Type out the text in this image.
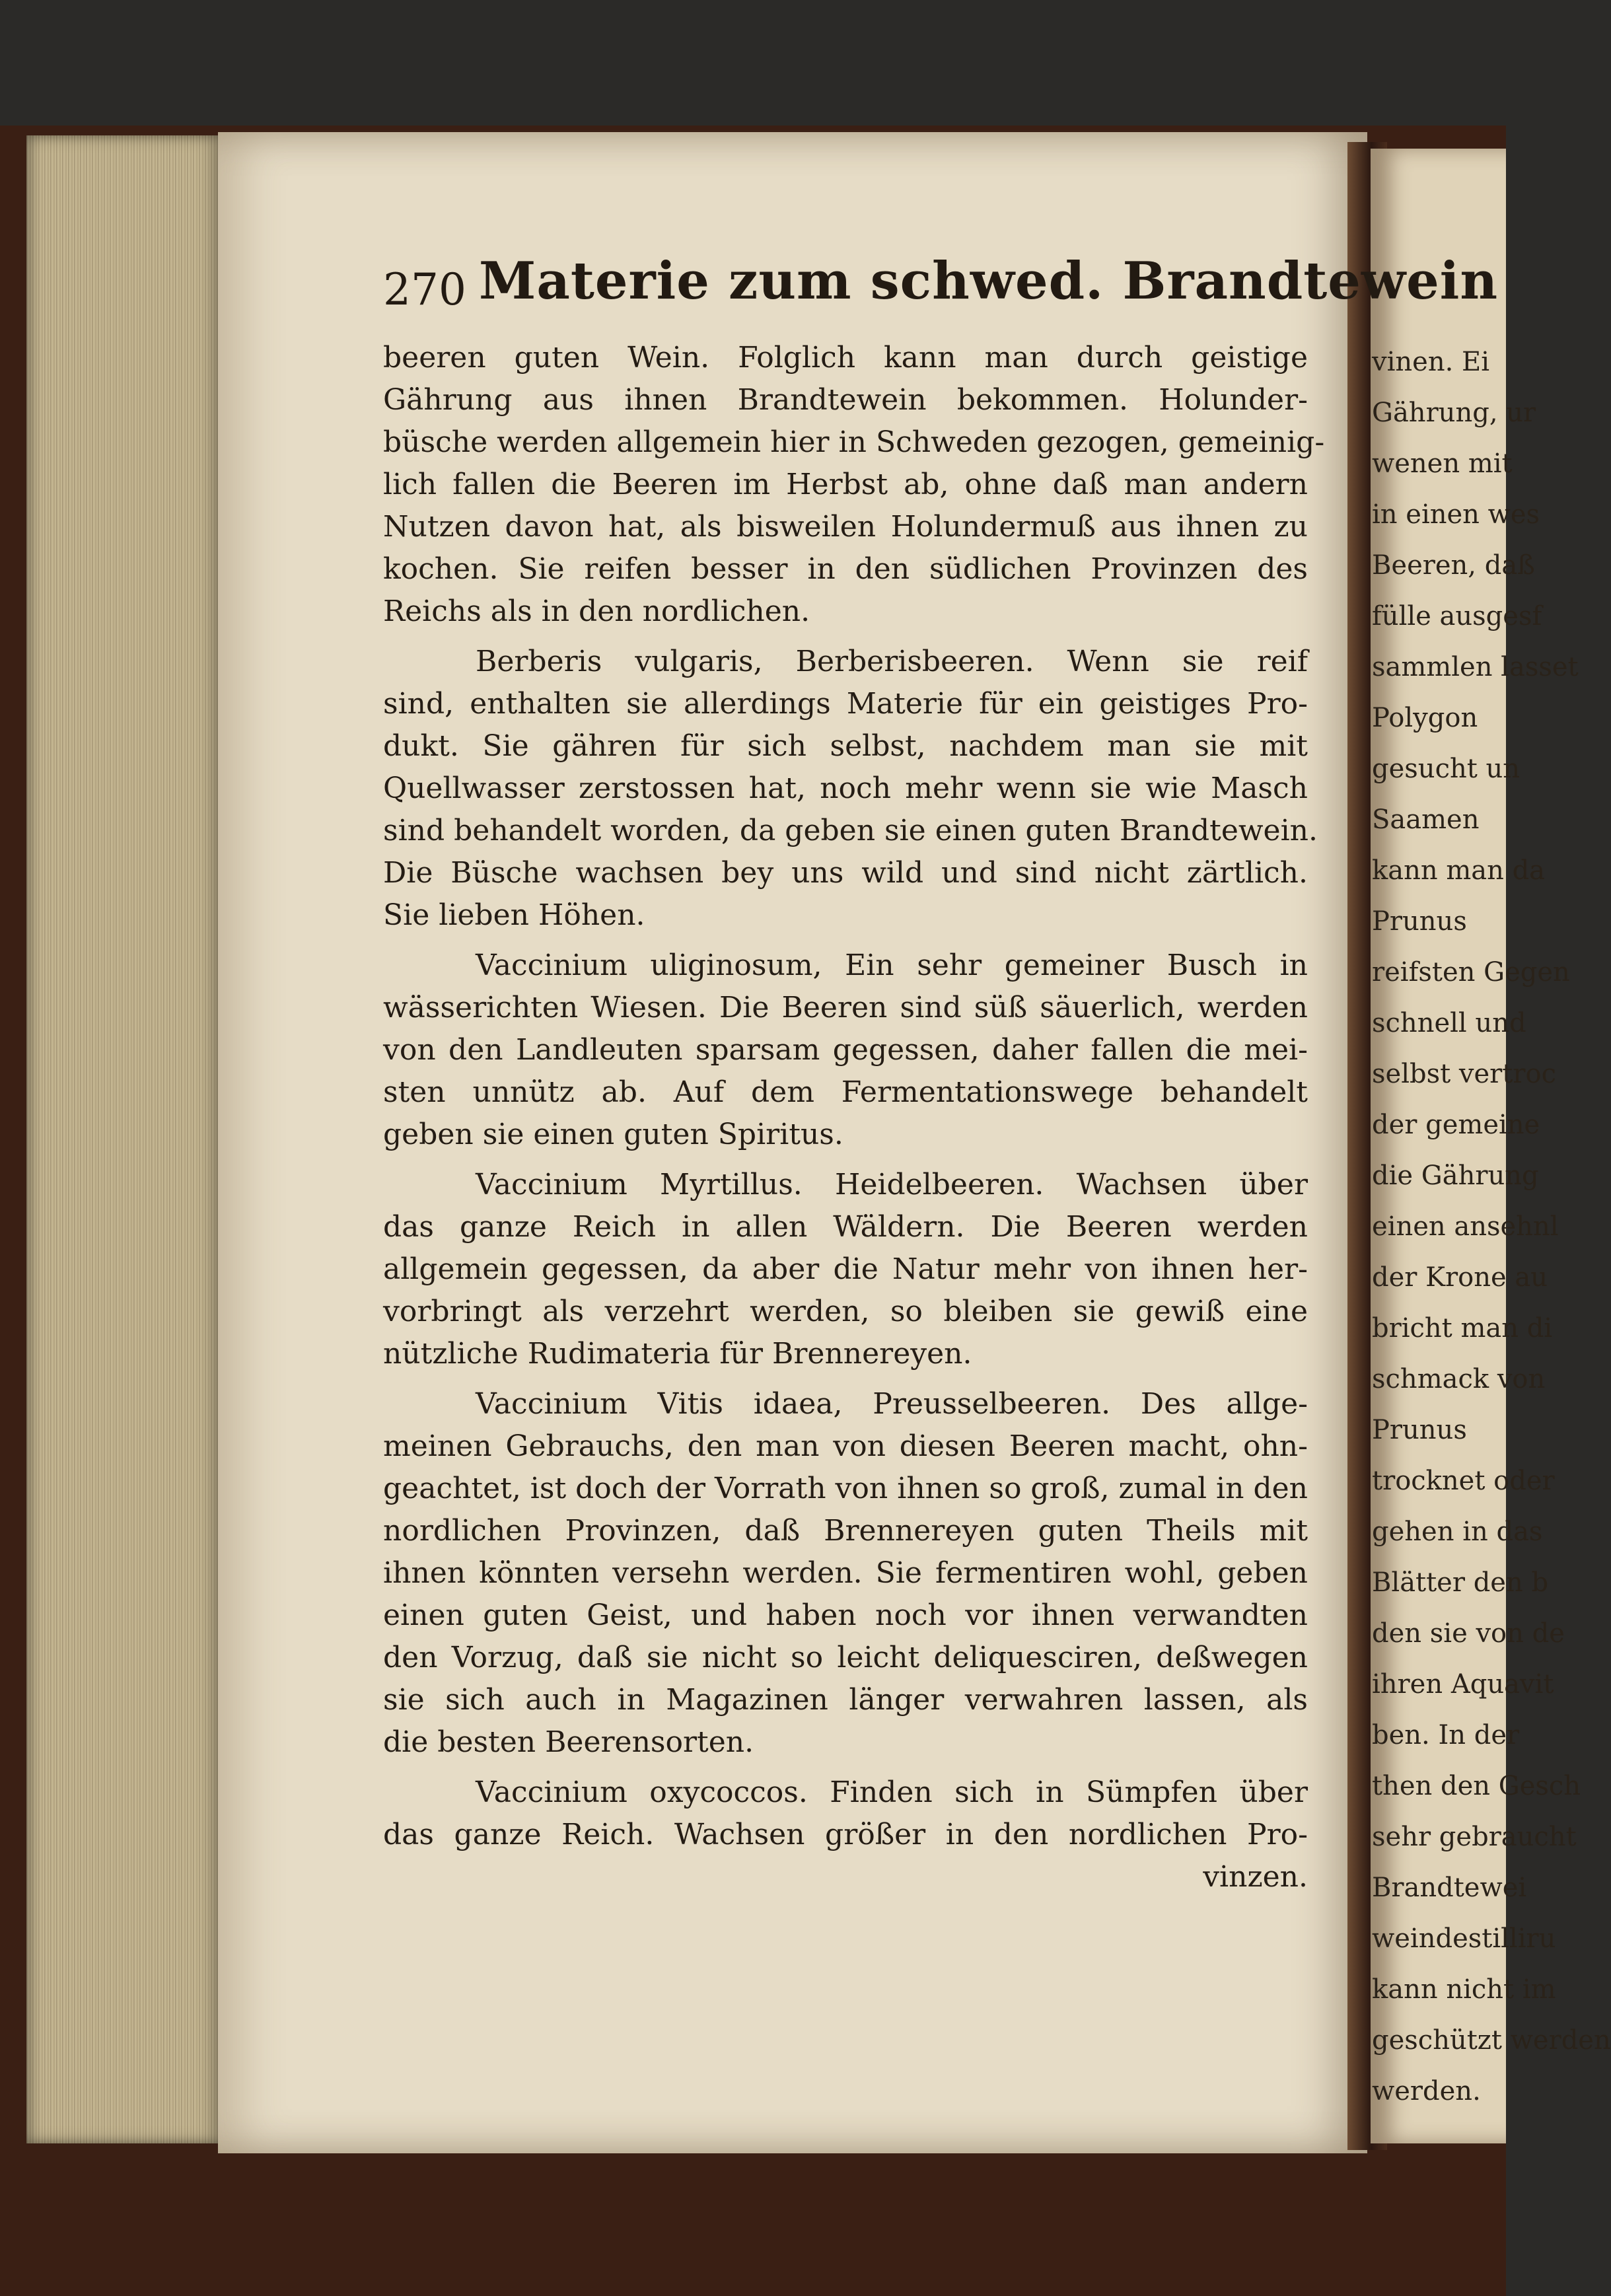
vinen. Ei
Gährung, ur
wenen mit
in einen wes
Beeren, daß
fülle ausgesf
sammlen lasset
Polygon
gesucht un
Saamen
kann man da
Prunus
reifsten Gegen
schnell und
selbst vertroc
der gemeine
die Gährung
einen ansehnl
der Krone au
bricht man di
schmack von
Prunus
trocknet oder
gehen in das
Blätter den b
den sie von de
ihren Aquavit
ben. In der
then den Gesch
sehr gebraucht
Brandtewei
weindestilliru
kann nicht im
geschützt werden
werden.
270 Materie zum schwed. Brandtewein
beeren guten Wein. Folglich kann man durch geistige
Gährung aus ihnen Brandtewein bekommen. Holunder-
büsche werden allgemein hier in Schweden gezogen, gemeinig-
lich fallen die Beeren im Herbst ab, ohne daß man andern
Nutzen davon hat, als bisweilen Holundermuß aus ihnen zu
kochen. Sie reifen besser in den südlichen Provinzen des
Reichs als in den nordlichen.
Berberis vulgaris, Berberisbeeren. Wenn sie reif
sind, enthalten sie allerdings Materie für ein geistiges Pro-
dukt. Sie gähren für sich selbst, nachdem man sie mit
Quellwasser zerstossen hat, noch mehr wenn sie wie Masch
sind behandelt worden, da geben sie einen guten Brandtewein.
Die Büsche wachsen bey uns wild und sind nicht zärtlich.
Sie lieben Höhen.
Vaccinium uliginosum, Ein sehr gemeiner Busch in
wässerichten Wiesen. Die Beeren sind süß säuerlich, werden
von den Landleuten sparsam gegessen, daher fallen die mei-
sten unnütz ab. Auf dem Fermentationswege behandelt
geben sie einen guten Spiritus.
Vaccinium Myrtillus. Heidelbeeren. Wachsen über
das ganze Reich in allen Wäldern. Die Beeren werden
allgemein gegessen, da aber die Natur mehr von ihnen her-
vorbringt als verzehrt werden, so bleiben sie gewiß eine
nützliche Rudimateria für Brennereyen.
Vaccinium Vitis idaea, Preusselbeeren. Des allge-
meinen Gebrauchs, den man von diesen Beeren macht, ohn-
geachtet, ist doch der Vorrath von ihnen so groß, zumal in den
nordlichen Provinzen, daß Brennereyen guten Theils mit
ihnen könnten versehn werden. Sie fermentiren wohl, geben
einen guten Geist, und haben noch vor ihnen verwandten
den Vorzug, daß sie nicht so leicht deliquesciren, deßwegen
sie sich auch in Magazinen länger verwahren lassen, als
die besten Beerensorten.
Vaccinium oxycoccos. Finden sich in Sümpfen über
das ganze Reich. Wachsen größer in den nordlichen Pro-
vinzen.
